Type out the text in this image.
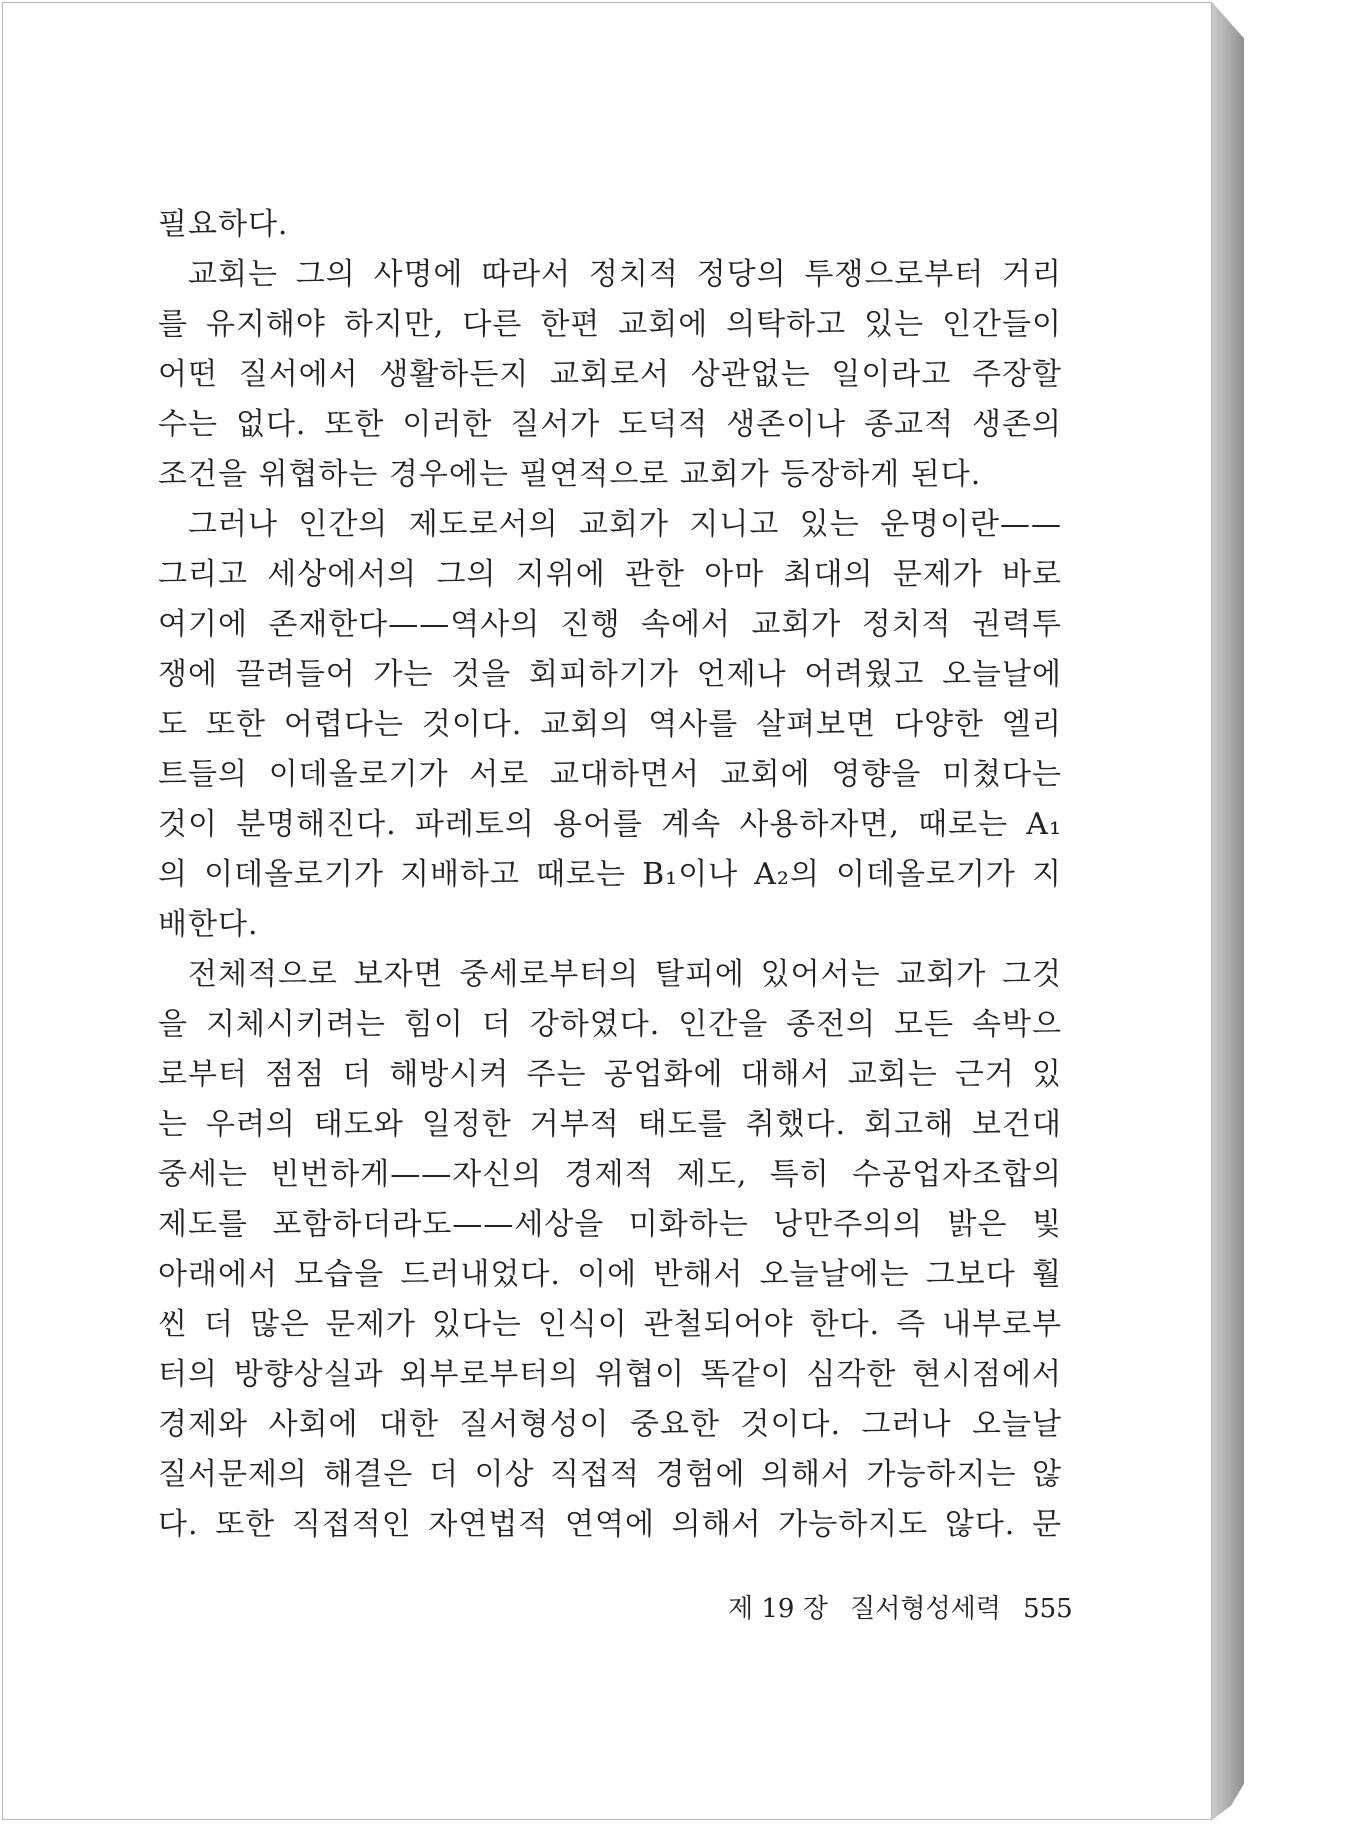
필요하다.
교회는 그의 사명에 따라서 정치적 정당의 투쟁으로부터 거리
를 유지해야 하지만, 다른 한편 교회에 의탁하고 있는 인간들이
어떤 질서에서 생활하든지 교회로서 상관없는 일이라고 주장할
수는 없다. 또한 이러한 질서가 도덕적 생존이나 종교적 생존의
조건을 위협하는 경우에는 필연적으로 교회가 등장하게 된다.
그러나 인간의 제도로서의 교회가 지니고 있는 운명이란——
그리고 세상에서의 그의 지위에 관한 아마 최대의 문제가 바로
여기에 존재한다——역사의 진행 속에서 교회가 정치적 권력투
쟁에 끌려들어 가는 것을 회피하기가 언제나 어려웠고 오늘날에
도 또한 어렵다는 것이다. 교회의 역사를 살펴보면 다양한 엘리
트들의 이데올로기가 서로 교대하면서 교회에 영향을 미쳤다는
것이 분명해진다. 파레토의 용어를 계속 사용하자면, 때로는 A₁
의 이데올로기가 지배하고 때로는 B₁이나 A₂의 이데올로기가 지
배한다.
전체적으로 보자면 중세로부터의 탈피에 있어서는 교회가 그것
을 지체시키려는 힘이 더 강하였다. 인간을 종전의 모든 속박으
로부터 점점 더 해방시켜 주는 공업화에 대해서 교회는 근거 있
는 우려의 태도와 일정한 거부적 태도를 취했다. 회고해 보건대
중세는 빈번하게——자신의 경제적 제도, 특히 수공업자조합의
제도를 포함하더라도——세상을 미화하는 낭만주의의 밝은 빛
아래에서 모습을 드러내었다. 이에 반해서 오늘날에는 그보다 훨
씬 더 많은 문제가 있다는 인식이 관철되어야 한다. 즉 내부로부
터의 방향상실과 외부로부터의 위협이 똑같이 심각한 현시점에서
경제와 사회에 대한 질서형성이 중요한 것이다. 그러나 오늘날
질서문제의 해결은 더 이상 직접적 경험에 의해서 가능하지는 않
다. 또한 직접적인 자연법적 연역에 의해서 가능하지도 않다. 문
제 19 장 질서형성세력 555
